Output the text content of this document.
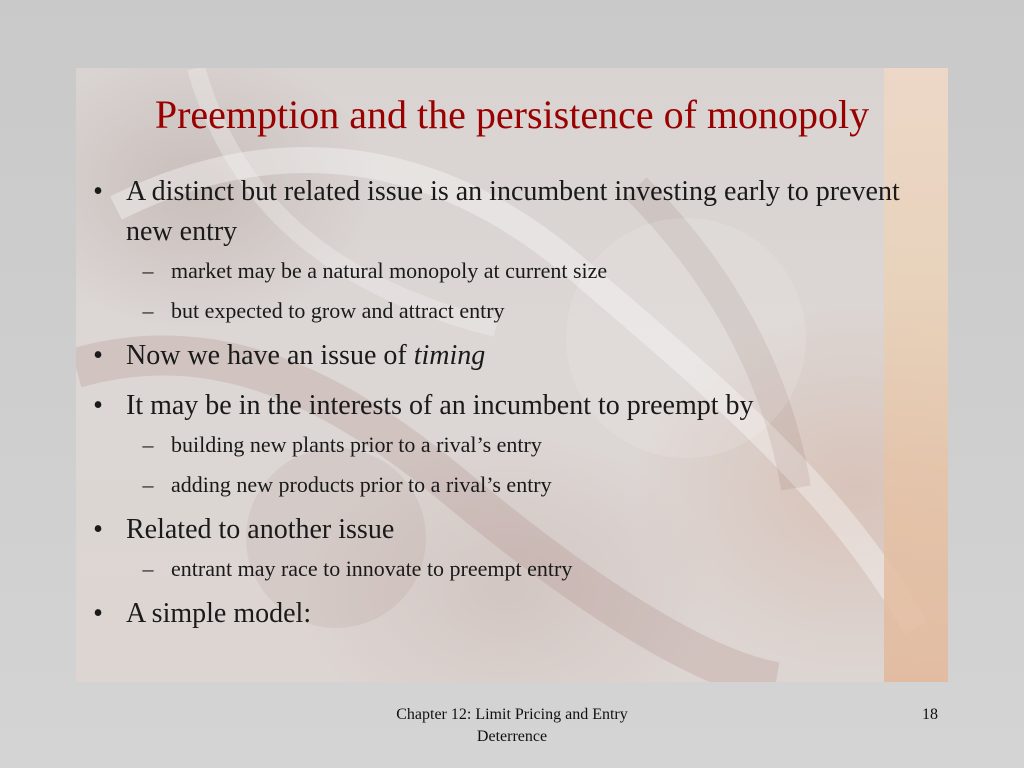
Preemption and the persistence of monopoly
• A distinct but related issue is an incumbent investing early to prevent new entry
– market may be a natural monopoly at current size
– but expected to grow and attract entry
• Now we have an issue of timing
• It may be in the interests of an incumbent to preempt by
– building new plants prior to a rival’s entry
– adding new products prior to a rival’s entry
• Related to another issue
– entrant may race to innovate to preempt entry
• A simple model:
Chapter 12: Limit Pricing and Entry
Deterrence
18
